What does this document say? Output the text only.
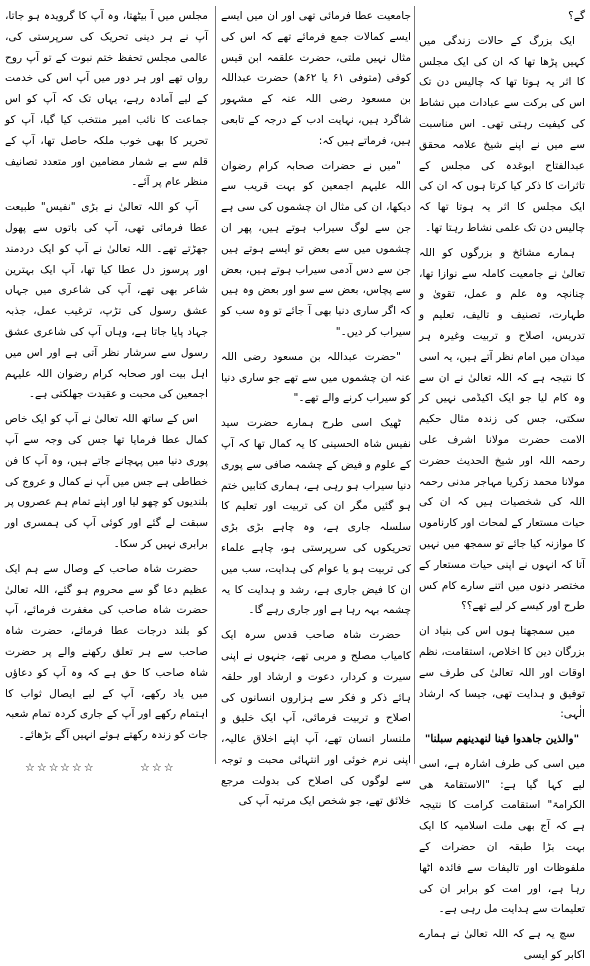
گے؟

ایک بزرگ کے حالات زندگی میں کہیں پڑھا تھا کہ ان کی ایک مجلس کا اثر یہ ہوتا تھا کہ چالیس دن تک اس کی برکت سے عبادات میں نشاط کی کیفیت رہتی تھی۔ اس مناسبت سے میں نے اپنے شیخ علامہ محقق عبدالفتاح ابوغدہ کی مجلس کے تاثرات کا ذکر کیا کرتا ہوں کہ ان کی ایک مجلس کا اثر یہ ہوتا تھا کہ چالیس دن تک علمی نشاط رہتا تھا۔

ہمارے مشائخ و بزرگوں کو اللہ تعالیٰ نے جامعیت کاملہ سے نوازا تھا، چنانچہ وہ علم و عمل، تقویٰ و طہارت، تصنیف و تالیف، تعلیم و تدریس، اصلاح و تربیت وغیرہ ہر میدان میں امام نظر آتے ہیں، یہ اسی کا نتیجہ ہے کہ اللہ تعالیٰ نے ان سے وہ کام لیا جو ایک اکیڈمی نہیں کر سکتی، جس کی زندہ مثال حکیم الامت حضرت مولانا اشرف علی رحمہ اللہ اور شیخ الحدیث حضرت مولانا محمد زکریا مہاجر مدنی رحمہ اللہ کی شخصیات ہیں کہ ان کی حیات مستعار کے لمحات اور کارناموں کا موازنہ کیا جائے تو سمجھ میں نہیں آتا کہ انہوں نے اپنی حیات مستعار کے مختصر دنوں میں اتنے سارے کام کس طرح اور کیسے کر لیے تھے؟؟

میں سمجھتا ہوں اس کی بنیاد ان بزرگان دین کا اخلاص، استقامت، نظم اوقات اور اللہ تعالیٰ کی طرف سے توفیق و ہدایت تھی، جیسا کہ ارشاد الٰہی:

"والذین جاھدوا فینا لنھدینھم سبلنا"

میں اسی کی طرف اشارہ ہے، اسی لیے کہا گیا ہے: "الاستقامۃ ھی الکرامۃ" استقامت کرامت کا نتیجہ ہے کہ آج بھی ملت اسلامیہ کا ایک بہت بڑا طبقہ ان حضرات کے ملفوظات اور تالیفات سے فائدہ اٹھا رہا ہے، اور امت کو برابر ان کی تعلیمات سے ہدایت مل رہی ہے۔

سچ یہ ہے کہ اللہ تعالیٰ نے ہمارے اکابر کو ایسی

جامعیت عطا فرمائی تھی اور ان میں ایسے ایسے کمالات جمع فرمائے تھے کہ اس کی مثال نہیں ملتی، حضرت علقمہ ابن قیس کوفی (متوفی ۶۱ یا ۶۲ھ) حضرت عبداللہ بن مسعود رضی اللہ عنہ کے مشہور شاگرد ہیں، نہایت ادب کے درجہ کے تابعی ہیں، فرماتے ہیں کہ:

"میں نے حضرات صحابہ کرام رضوان اللہ علیہم اجمعین کو بہت قریب سے دیکھا، ان کی مثال ان چشموں کی سی ہے جن سے لوگ سیراب ہوتے ہیں، پھر ان چشموں میں سے بعض تو ایسے ہوتے ہیں جن سے دس آدمی سیراب ہوتے ہیں، بعض سے پچاس، بعض سے سو اور بعض وہ ہیں کہ اگر ساری دنیا بھی آ جائے تو وہ سب کو سیراب کر دیں۔"

"حضرت عبداللہ بن مسعود رضی اللہ عنہ ان چشموں میں سے تھے جو ساری دنیا کو سیراب کرنے والے تھے۔"

ٹھیک اسی طرح ہمارے حضرت سید نفیس شاہ الحسینی کا یہ کمال تھا کہ آپ کے علوم و فیض کے چشمہ صافی سے پوری دنیا سیراب ہو رہی ہے، ہماری کتابیں ختم ہو گئیں مگر ان کی تربیت اور تعلیم کا سلسلہ جاری ہے، وہ چاہے بڑی بڑی تحریکوں کی سرپرستی ہو، چاہے علماء کی تربیت ہو یا عوام کی ہدایت، سب میں ان کا فیض جاری ہے، رشد و ہدایت کا یہ چشمہ بہہ رہا ہے اور جاری رہے گا۔

حضرت شاہ صاحب قدس سرہ ایک کامیاب مصلح و مربی تھے، جنہوں نے اپنی سیرت و کردار، دعوت و ارشاد اور حلقہ ہائے ذکر و فکر سے ہزاروں انسانوں کی اصلاح و تربیت فرمائی، آپ ایک خلیق و ملنسار انسان تھے، آپ اپنے اخلاق عالیہ، اپنی نرم خوئی اور انتہائی محبت و توجہ سے لوگوں کی اصلاح کی بدولت مرجع خلائق تھے، جو شخص ایک مرتبہ آپ کی

مجلس میں آ بیٹھتا، وہ آپ کا گرویدہ ہو جاتا، آپ نے ہر دینی تحریک کی سرپرستی کی، عالمی مجلس تحفظ ختم نبوت کے تو آپ روح رواں تھے اور ہر دور میں آپ اس کی خدمت کے لیے آمادہ رہے، یہاں تک کہ آپ کو اس جماعت کا نائب امیر منتخب کیا گیا، آپ کو تحریر کا بھی خوب ملکہ حاصل تھا، آپ کے قلم سے بے شمار مضامین اور متعدد تصانیف منظر عام پر آئے۔

آپ کو اللہ تعالیٰ نے بڑی "نفیس" طبیعت عطا فرمائی تھی، آپ کی باتوں سے پھول جھڑتے تھے۔ اللہ تعالیٰ نے آپ کو ایک دردمند اور پرسوز دل عطا کیا تھا، آپ ایک بہترین شاعر بھی تھے، آپ کی شاعری میں جہاں عشق رسول کی تڑپ، ترغیب عمل، جذبہ جہاد پایا جاتا ہے، وہاں آپ کی شاعری عشق رسول سے سرشار نظر آتی ہے اور اس میں اہل بیت اور صحابہ کرام رضوان اللہ علیہم اجمعین کی محبت و عقیدت جھلکتی ہے۔

اس کے ساتھ اللہ تعالیٰ نے آپ کو ایک خاص کمال عطا فرمایا تھا جس کی وجہ سے آپ پوری دنیا میں پہچانے جاتے ہیں، وہ آپ کا فن خطاطی ہے جس میں آپ نے کمال و عروج کی بلندیوں کو چھو لیا اور اپنے تمام ہم عصروں پر سبقت لے گئے اور کوئی آپ کی ہمسری اور برابری نہیں کر سکا۔

حضرت شاہ صاحب کے وصال سے ہم ایک عظیم دعا گو سے محروم ہو گئے، اللہ تعالیٰ حضرت شاہ صاحب کی مغفرت فرمائے، آپ کو بلند درجات عطا فرمائے، حضرت شاہ صاحب سے ہر تعلق رکھنے والے پر حضرت شاہ صاحب کا حق ہے کہ وہ آپ کو دعاؤں میں یاد رکھے، آپ کے لیے ایصال ثواب کا اہتمام رکھے اور آپ کے جاری کردہ تمام شعبہ جات کو زندہ رکھتے ہوئے انہیں آگے بڑھائے۔

☆☆☆	☆☆☆
☆☆☆
